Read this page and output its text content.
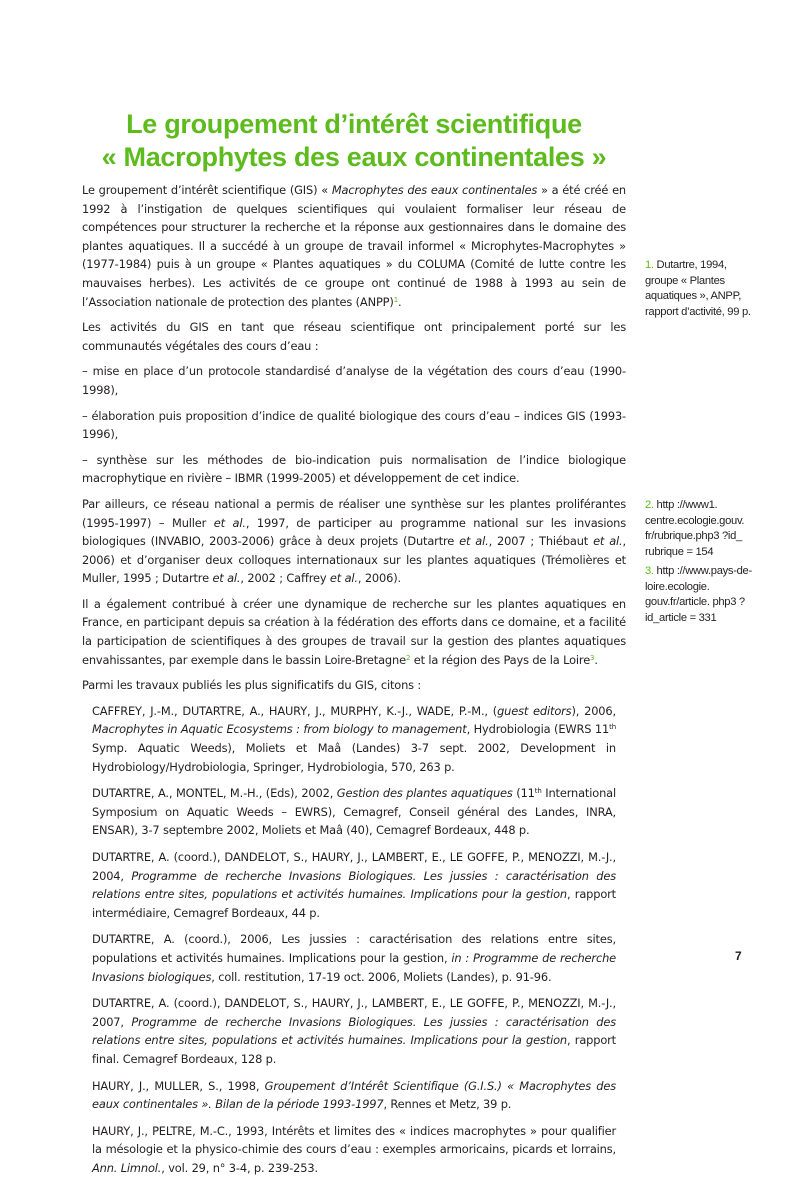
Le groupement d’intérêt scientifique
« Macrophytes des eaux continentales »

Le groupement d’intérêt scientifique (GIS) « Macrophytes des eaux continentales » a été créé en 1992 à l’instigation de quelques scientifiques qui voulaient formaliser leur réseau de compétences pour structurer la recherche et la réponse aux gestionnaires dans le domaine des plantes aquatiques. Il a succédé à un groupe de travail informel « Microphytes-Macrophytes » (1977-1984) puis à un groupe « Plantes aquatiques » du COLUMA (Comité de lutte contre les mauvaises herbes). Les activités de ce groupe ont continué de 1988 à 1993 au sein de l’Association nationale de protection des plantes (ANPP)$^1$.

Les activités du GIS en tant que réseau scientifique ont principalement porté sur les communautés végétales des cours d’eau :

– mise en place d’un protocole standardisé d’analyse de la végétation des cours d’eau (1990-1998),

– élaboration puis proposition d’indice de qualité biologique des cours d’eau – indices GIS (1993-1996),

– synthèse sur les méthodes de bio-indication puis normalisation de l’indice biologique macrophytique en rivière – IBMR (1999-2005) et développement de cet indice.

Par ailleurs, ce réseau national a permis de réaliser une synthèse sur les plantes proliférantes (1995-1997) – Muller et al., 1997, de participer au programme national sur les invasions biologiques (INVABIO, 2003-2006) grâce à deux projets (Dutartre et al., 2007 ; Thiébaut et al., 2006) et d’organiser deux colloques internationaux sur les plantes aquatiques (Trémolières et Muller, 1995 ; Dutartre et al., 2002 ; Caffrey et al., 2006).

Il a également contribué à créer une dynamique de recherche sur les plantes aquatiques en France, en participant depuis sa création à la fédération des efforts dans ce domaine, et a facilité la participation de scientifiques à des groupes de travail sur la gestion des plantes aquatiques envahissantes, par exemple dans le bassin Loire-Bretagne$^2$ et la région des Pays de la Loire$^3$.

Parmi les travaux publiés les plus significatifs du GIS, citons :

CAFFREY, J.-M., DUTARTRE, A., HAURY, J., MURPHY, K.-J., WADE, P.-M., (guest editors), 2006, Macrophytes in Aquatic Ecosystems : from biology to management, Hydrobiologia (EWRS 11th Symp. Aquatic Weeds), Moliets et Maâ (Landes) 3-7 sept. 2002, Development in Hydrobiology/Hydrobiologia, Springer, Hydrobiologia, 570, 263 p.

DUTARTRE, A., MONTEL, M.-H., (Eds), 2002, Gestion des plantes aquatiques (11th International Symposium on Aquatic Weeds – EWRS), Cemagref, Conseil général des Landes, INRA, ENSAR), 3-7 septembre 2002, Moliets et Maâ (40), Cemagref Bordeaux, 448 p.

DUTARTRE, A. (coord.), DANDELOT, S., HAURY, J., LAMBERT, E., LE GOFFE, P., MENOZZI, M.-J., 2004, Programme de recherche Invasions Biologiques. Les jussies : caractérisation des relations entre sites, populations et activités humaines. Implications pour la gestion, rapport intermédiaire, Cemagref Bordeaux, 44 p.

DUTARTRE, A. (coord.), 2006, Les jussies : caractérisation des relations entre sites, populations et activités humaines. Implications pour la gestion, in : Programme de recherche Invasions biologiques, coll. restitution, 17-19 oct. 2006, Moliets (Landes), p. 91-96.

DUTARTRE, A. (coord.), DANDELOT, S., HAURY, J., LAMBERT, E., LE GOFFE, P., MENOZZI, M.-J., 2007, Programme de recherche Invasions Biologiques. Les jussies : caractérisation des relations entre sites, populations et activités humaines. Implications pour la gestion, rapport final. Cemagref Bordeaux, 128 p.

HAURY, J., MULLER, S., 1998, Groupement d’Intérêt Scientifique (G.I.S.) « Macrophytes des eaux continentales ». Bilan de la période 1993-1997, Rennes et Metz, 39 p.

HAURY, J., PELTRE, M.-C., 1993, Intérêts et limites des « indices macrophytes » pour qualifier la mésologie et la physico-chimie des cours d’eau : exemples armoricains, picards et lorrains, Ann. Limnol., vol. 29, n° 3-4, p. 239-253.

1. Dutartre, 1994, groupe « Plantes aquatiques », ANPP, rapport d’activité, 99 p.
2. http ://www1. centre.ecologie.gouv. fr/rubrique.php3 ?id_ rubrique = 154
3. http ://www.pays-de-loire.ecologie. gouv.fr/article. php3 ?id_article = 331
7
